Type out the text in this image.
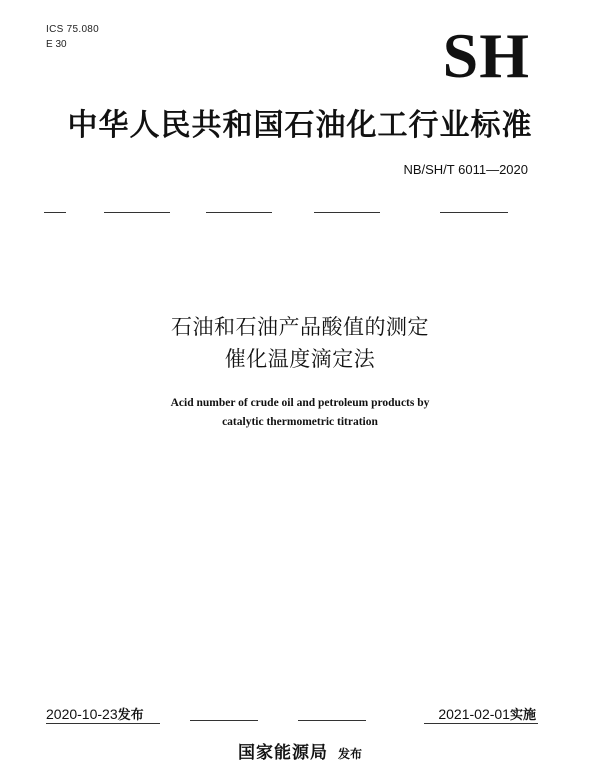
ICS 75.080
E 30	SH
中华人民共和国石油化工行业标准
NB/SH/T 6011—2020
石油和石油产品酸值的测定
催化温度滴定法
Acid number of crude oil and petroleum products by
catalytic thermometric titration
2020-10-23发布	2021-02-01实施
国家能源局 发布
